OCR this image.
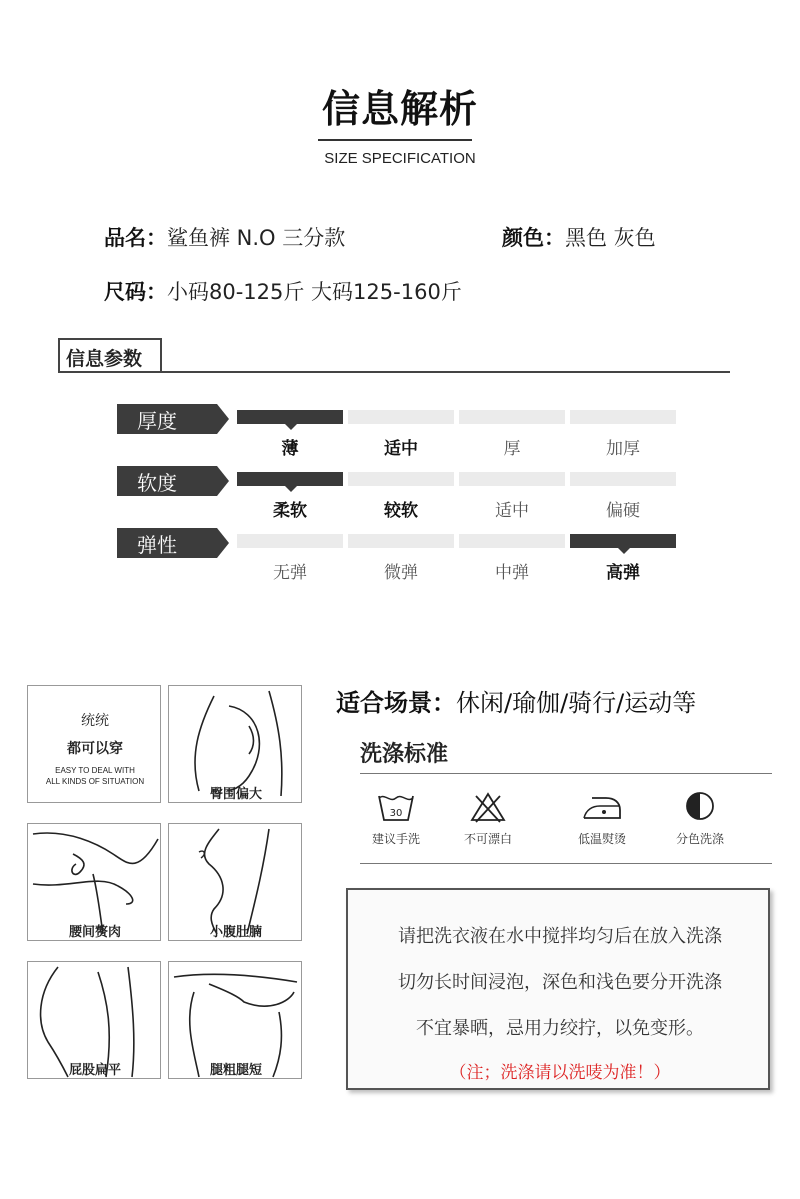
信息解析
SIZE SPECIFICATION
品名：鲨鱼裤 N.O 三分款	颜色：黑色 灰色
尺码：小码80-125斤 大码125-160斤
信息参数
厚度
薄	适中	厚	加厚
软度
柔软	较软	适中	偏硬
弹性
无弹	微弹	中弹	高弹
统统
都可以穿
EASY TO DEAL WITH
ALL KINDS OF SITUATION
臀围偏大
腰间赘肉	小腹肚腩
屁股扁平	腿粗腿短
适合场景：休闲/瑜伽/骑行/运动等
洗涤标准
30
建议手洗	不可漂白	低温熨烫	分色洗涤
请把洗衣液在水中搅拌均匀后在放入洗涤
切勿长时间浸泡，深色和浅色要分开洗涤
不宜暴晒，忌用力绞拧，以免变形。
（注；洗涤请以洗唛为准！）
